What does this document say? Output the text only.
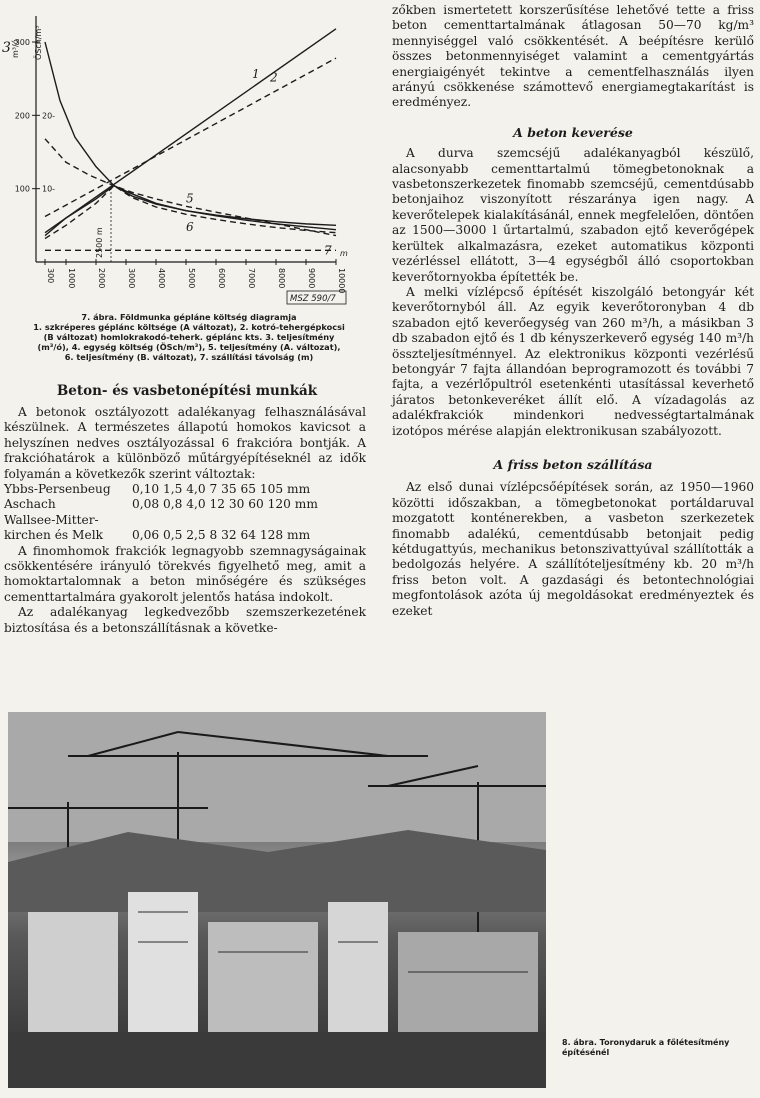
3 m³/ó ÖSch/m³
300
200 20-
100 10-
300 1000	2000	3000	4000	5000	6000	7000	8000	9000	10000
m
1 2
5
6
7
2500 m
MSZ 590/7
7. ábra. Földmunka gépláne költség diagramja
1. szkréperes géplánc költsége (A változat), 2. kotró-tehergépkocsi
(B változat) homlokrakodó-teherk. géplánc kts. 3. teljesítmény
(m³/ó), 4. egység költség (ÖSch/m³), 5. teljesítmény (A. változat),
6. teljesítmény (B. változat), 7. szállítási távolság (m)
Beton- és vasbetonépítési munkák

A betonok osztályozott adalékanyag felhasználásával készülnek. A természetes állapotú homokos kavicsot a helyszínen nedves osztályozással 6 frakcióra bontják. A frakcióhatárok a különböző műtárgyépítéseknél az idők folyamán a következők szerint változtak:

Ybbs-Persenbeug	0,10 1,5 4,0 7 35 65 105 mm
Aschach	0,08 0,8 4,0 12 30 60 120 mm
Wallsee-Mitter-	
kirchen és Melk	0,06 0,5 2,5 8 32 64 128 mm

A finomhomok frakciók legnagyobb szemnagyságainak csökkentésére irányuló törekvés figyelhető meg, amit a homoktartalomnak a beton minőségére és szükséges cementtartalmára gyakorolt jelentős hatása indokolt.

Az adalékanyag legkedvezőbb szemszerkezetének biztosítása és a betonszállításnak a követke-

zőkben ismertetett korszerűsítése lehetővé tette a friss beton cementtartalmának átlagosan 50—70 kg/m³ mennyiséggel való csökkentését. A beépítésre kerülő összes betonmennyiséget valamint a cementgyártás energiaigényét tekintve a cementfelhasználás ilyen arányú csökkenése számottevő energiamegtakarítást is eredményez.

A beton keverése

A durva szemcséjű adalékanyagból készülő, alacsonyabb cementtartalmú tömegbetonoknak a vasbetonszerkezetek finomabb szemcséjű, cementdúsabb betonjaihoz viszonyított részaránya igen nagy. A keverőtelepek kialakításánál, ennek megfelelően, döntően az 1500—3000 l űrtartalmú, szabadon ejtő keverőgépek kerültek alkalmazásra, ezeket automatikus központi vezérléssel ellátott, 3—4 egységből álló csoportokban keverőtornyokba építették be.

A melki vízlépcső építését kiszolgáló betongyár két keverőtornyból áll. Az egyik keverőtoronyban 4 db szabadon ejtő keverőegység van 260 m³/h, a másikban 3 db szabadon ejtő és 1 db kényszerkeverő egység 140 m³/h összteljesítménnyel. Az elektronikus központi vezérlésű betongyár 7 fajta állandóan beprogramozott és további 7 fajta, a vezérlőpultról esetenkénti utasítással keverhető járatos betonkeveréket állít elő. A vízadagolás az adalékfrakciók mindenkori nedvességtartalmának izotópos mérése alapján elektronikusan szabályozott.

A friss beton szállítása

Az első dunai vízlépcsőépítések során, az 1950—1960 közötti időszakban, a tömegbetonokat portáldaruval mozgatott konténerekben, a vasbeton szerkezetek finomabb adalékú, cementdúsabb betonjait pedig kétdugattyús, mechanikus betonszivattyúval szállították a bedolgozás helyére. A szállítóteljesítmény kb. 20 m³/h friss beton volt. A gazdasági és betontechnológiai megfontolások azóta új megoldásokat eredményeztek és ezeket

8. ábra. Toronydaruk a főlétesítmény építésénél
